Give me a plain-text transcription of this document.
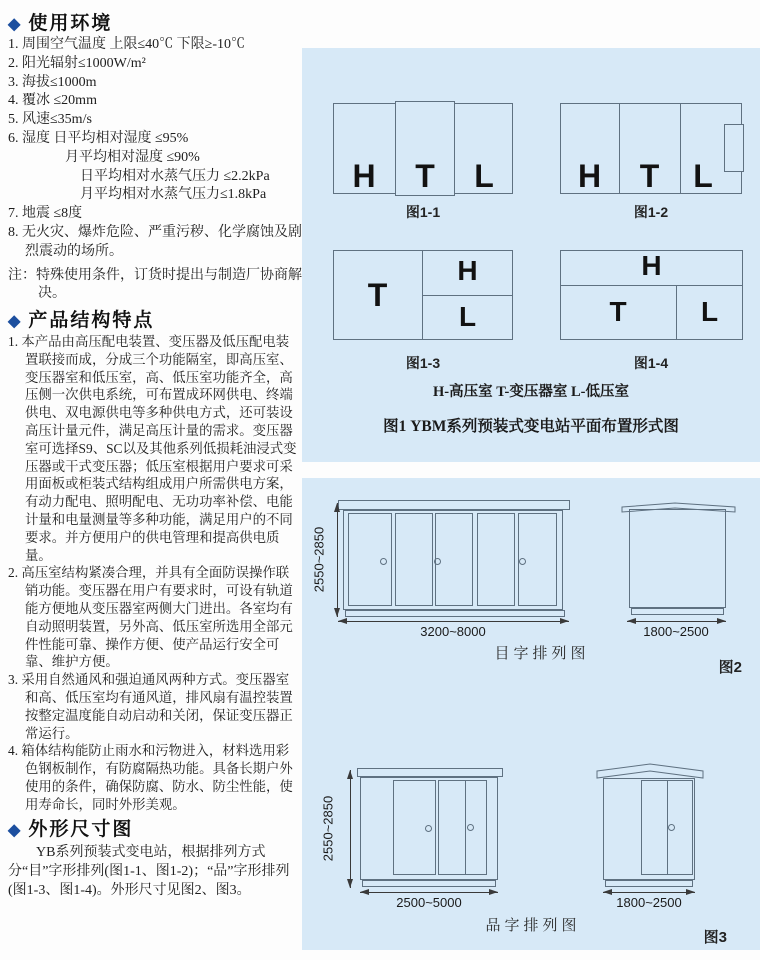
◆ 使用环境

1. 周围空气温度 上限≤40℃ 下限≥-10℃

2. 阳光辐射≤1000W/m²

3. 海拔≤1000m

4. 覆冰 ≤20mm

5. 风速≤35m/s

6. 湿度 日平均相对湿度 ≤95%

月平均相对湿度 ≤90%

日平均相对水蒸气压力 ≤2.2kPa

月平均相对水蒸气压力≤1.8kPa

7. 地震 ≤8度

8. 无火灾、爆炸危险、严重污秽、化学腐蚀及剧烈震动的场所。

注：特殊使用条件，订货时提出与制造厂协商解决。

◆ 产品结构特点

1. 本产品由高压配电装置、变压器及低压配电装置联接而成，分成三个功能隔室，即高压室、变压器室和低压室，高、低压室功能齐全，高压侧一次供电系统，可布置成环网供电、终端供电、双电源供电等多种供电方式，还可装设高压计量元件，满足高压计量的需求。变压器室可选择S9、SC以及其他系列低损耗油浸式变压器或干式变压器；低压室根据用户要求可采用面板或柜装式结构组成用户所需供电方案，有动力配电、照明配电、无功功率补偿、电能计量和电量测量等多种功能，满足用户的不同要求。并方便用户的供电管理和提高供电质量。

2. 高压室结构紧凑合理，并具有全面防误操作联销功能。变压器在用户有要求时，可设有轨道能方便地从变压器室两侧大门进出。各室均有自动照明装置，另外高、低压室所选用全部元件性能可靠、操作方便、使产品运行安全可靠、维护方便。

3. 采用自然通风和强迫通风两种方式。变压器室和高、低压室均有通风道，排风扇有温控装置按整定温度能自动启动和关闭，保证变压器正常运行。

4. 箱体结构能防止雨水和污物进入，材料选用彩色钢板制作，有防腐隔热功能。具备长期户外使用的条件，确保防腐、防水、防尘性能，使用寿命长，同时外形美观。

◆ 外形尺寸图

YB系列预装式变电站，根据排列方式分“目”字形排列(图1-1、图1-2)；“品”字形排列(图1-3、图1-4)。外形尺寸见图2、图3。

H	T	L
图1-1
H	T	L
图1-2
T
H
L
图1-3
H
T	L
图1-4
H-高压室 T-变压器室 L-低压室
图1 YBM系列预装式变电站平面布置形式图
2550~2850
3200~8000
目字排列图
1800~2500
图2
2550~2850
2500~5000
品字排列图
1800~2500
图3
